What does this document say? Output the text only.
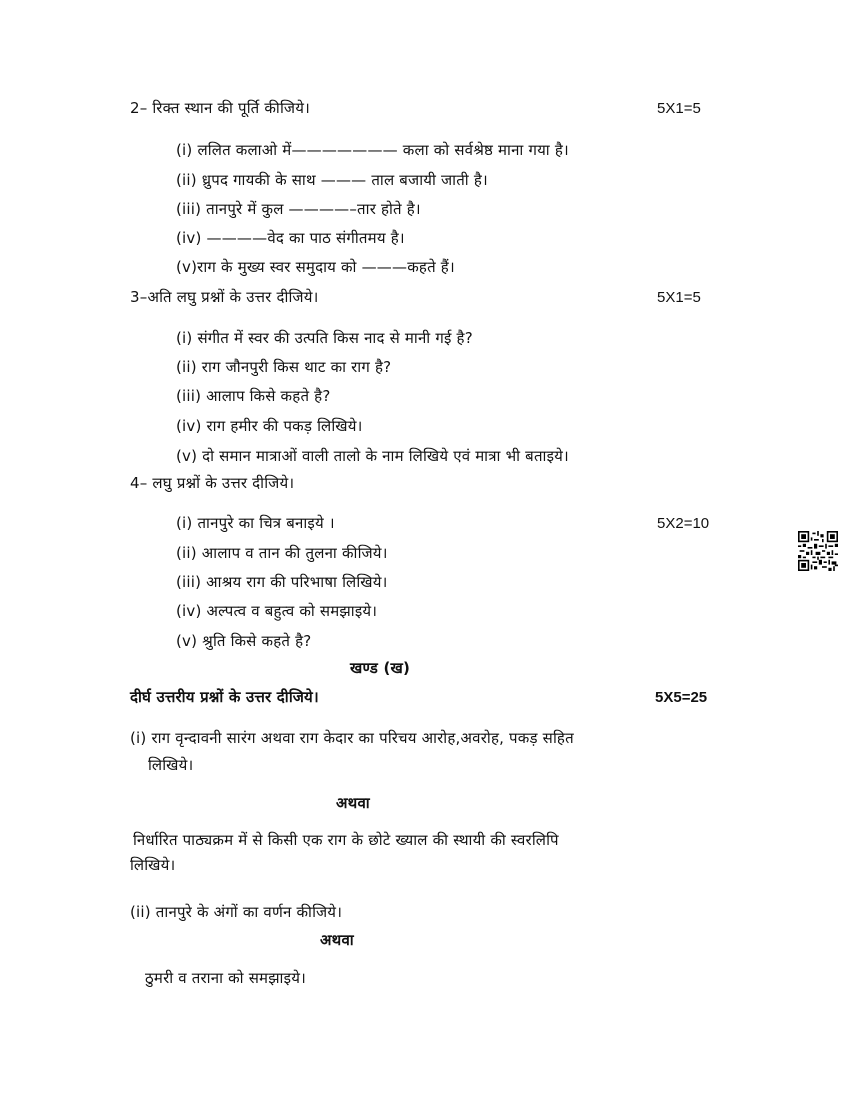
2– रिक्त स्थान की पूर्ति कीजिये।	5X1=5
(i) ललित कलाओ में——————— कला को सर्वश्रेष्ठ माना गया है।
(ii) ध्रुपद गायकी के साथ ——— ताल बजायी जाती है।
(iii) तानपुरे में कुल ————–तार होते है।
(iv) ————वेद का पाठ संगीतमय है।
(v)राग के मुख्य स्वर समुदाय को ———कहते हैं।
3–अति लघु प्रश्नों के उत्तर दीजिये।	5X1=5
(i) संगीत में स्वर की उत्पति किस नाद से मानी गई है?
(ii) राग जौनपुरी किस थाट का राग है?
(iii) आलाप किसे कहते है?
(iv) राग हमीर की पकड़ लिखिये।
(v) दो समान मात्राओं वाली तालो के नाम लिखिये एवं मात्रा भी बताइये।
4– लघु प्रश्नों के उत्तर दीजिये।
(i) तानपुरे का चित्र बनाइये ।	5X2=10
(ii) आलाप व तान की तुलना कीजिये।
(iii) आश्रय राग की परिभाषा लिखिये।
(iv) अल्पत्व व बहुत्व को समझाइये।
(v) श्रुति किसे कहते है?
खण्ड (ख)
दीर्घ उत्तरीय प्रश्नों के उत्तर दीजिये।	5X5=25
(i) राग वृन्दावनी सारंग अथवा राग केदार का परिचय आरोह,अवरोह, पकड़ सहित
लिखिये।
अथवा
निर्धारित पाठ्यक्रम में से किसी एक राग के छोटे ख्याल की स्थायी की स्वरलिपि
लिखिये।
(ii) तानपुरे के अंगों का वर्णन कीजिये।
अथवा
ठुमरी व तराना को समझाइये।
